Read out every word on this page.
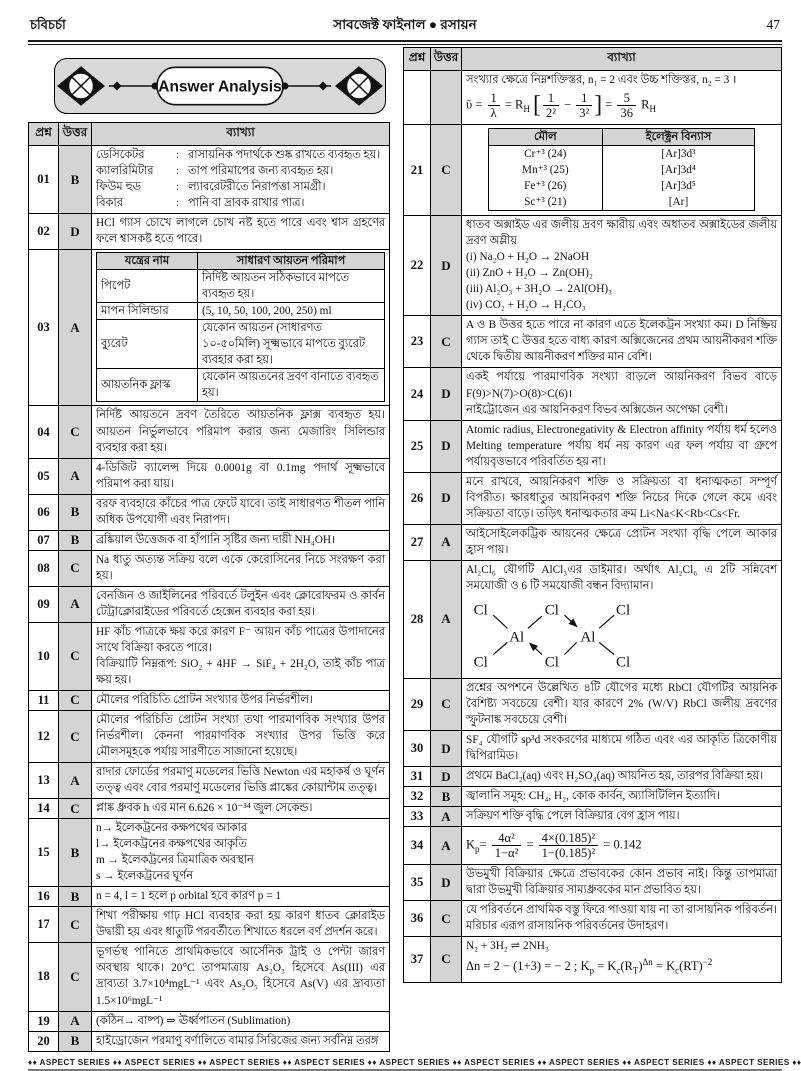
চবিচর্চা	সাবজেক্ট ফাইনাল ● রসায়ন	47
Answer Analysis
প্রশ্ন	উত্তর	ব্যাখ্যা
01	B	
ডেসিকেটর	: রাসায়নিক পদার্থকে শুষ্ক রাখতে ব্যবহৃত হয়।
ক্যালরিমিটার	: তাপ পরিমাপের জন্য ব্যবহৃত হয়।
ফিউম হুড	: ল্যাবরেটরীতে নিরাপত্তা সামগ্রী।
বিকার	: পানি বা দ্রাবক রাখার পাত্র।

02	D	
HCl গ্যাস চোখে লাগলে চোখ নষ্ট হতে পারে এবং শ্বাস গ্রহণের ফলে শ্বাসকষ্ট হতে পারে।

03	A	
যন্ত্রের নাম	সাধারণ আয়তন পরিমাপ
পিপেট	নির্দিষ্ট আয়তন সঠিকভাবে মাপতে ব্যবহৃত হয়।
মাপন সিলিন্ডার	(5, 10, 50, 100, 200, 250) ml
ব্যুরেট	যেকোন আয়তন (সাধারণত ১০-৫০মিলি) সূক্ষ্মভাবে মাপতে ব্যুরেট ব্যবহার করা হয়।
আয়তনিক ফ্লাস্ক	যেকোন আয়তনের দ্রবণ বানাতে ব্যবহৃত হয়।

04	C	
নির্দিষ্ট আয়তনে দ্রবণ তৈরিতে আয়তনিক ফ্লাক্স ব্যবহৃত হয়। আয়তন নির্ভুলভাবে পরিমাপ করার জন্য মেজারিং সিলিন্ডার ব্যবহার করা হয়।

05	A	
4-ডিজিট ব্যালেন্স দিয়ে 0.0001g বা 0.1mg পদার্থ সূক্ষ্মভাবে পরিমাপ করা যায়।

06	B	
বরফ ব্যবহারে কাঁচের পাত্র ফেটে যাবে। তাই সাধারণত শীতল পানি অধিক উপযোগী এবং নিরাপদ।

07	B	ব্রঙ্কিয়াল উত্তেজক বা হাঁপানি সৃষ্টির জন্য দায়ী NH₄OH।

08	C	
Na ধাতু অত্যন্ত সক্রিয় বলে একে কেরোসিনের নিচে সংরক্ষণ করা হয়।

09	A	
বেনজিন ও জাইলিনের পরিবর্তে টলুইন এবং ক্লোরোফরম ও কার্বন টেট্রাক্লোরাইডের পরিবর্তে হেক্সেন ব্যবহার করা হয়।

10	C	
HF কাঁচ পাত্রকে ক্ষয় করে কারণ F⁻ আয়ন কাঁচ পাত্রের উপাদানের সাথে বিক্রিয়া করতে পারে।
বিক্রিয়াটি নিম্নরূপ: SiO₂ + 4HF → SiF₄ + 2H₂O, তাই কাঁচ পাত্র ক্ষয় হয়।

11	C	মৌলের পরিচিতি প্রোটন সংখ্যার উপর নির্ভরশীল।

12	C	
মৌলের পরিচিতি প্রোটন সংখ্যা তথা পারমাণবিক সংখ্যার উপর নির্ভরশীল। কেননা পারমাণবিক সংখ্যার উপর ভিত্তি করে মৌলসমূহকে পর্যায় সারণীতে সাজানো হয়েছে।

13	A	
রাদার ফোর্ডের পরমাণু মডেলের ভিত্তি Newton এর মহাকর্ষ ও ঘূর্ণন তত্ত্ব এবং বোর পরমাণু মডেলের ভিত্তি প্লাঙ্কের কোয়ান্টাম তত্ত্ব।

14	C	প্লাঙ্ক ধ্রুবক h এর মান 6.626 × 10⁻³⁴ জুল সেকেন্ড।

15	B	
n→ ইলেকট্রনের কক্ষপথের আকার
l→ ইলেকট্রনের কক্ষপথের আকৃতি
m → ইলেকট্রনের ত্রিমাত্রিক অবস্থান
s → ইলেকট্রনের ঘূর্ণন

16	B	n = 4, l = 1 হলে p orbital হবে কারণ p = 1

17	C	
শিখা পরীক্ষায় গাঢ় HCl ব্যবহার করা হয় কারণ ধাতব ক্লোরাইড উদ্বায়ী হয় এবং ধাতুটি পরবর্তীতে শিখাতে ধরলে বর্ণ প্রদর্শন করে।

18	C	
ভূগর্ভস্থ পানিতে প্রাথমিকভাবে আর্সেনিক ট্রাই ও পেন্টা জারণ অবস্থায় থাকে। 20°C তাপমাত্রায় As₂O₃ হিসেবে As(III) এর দ্রাব্যতা 3.7×10⁴mgL⁻¹ এবং As₂O₅ হিসেবে As(V) এর দ্রাব্যতা 1.5×10⁶mgL⁻¹

19	A	(কঠিন→ বাষ্প) ⇒ ঊর্ধ্বপাতন (Sublimation)

20	B	হাইড্রোজেন পরমাণু বর্ণালিতে বামার সিরিজের জন্য সর্বনিম্ন তরঙ্গ
প্রশ্ন	উত্তর	ব্যাখ্যা

সংখ্যার ক্ষেত্রে নিম্নশক্তিস্তর, n₁ = 2 এবং উচ্চ শক্তিস্তর, n₂ = 3 ।
ῡ = $\frac{1}{\lambda} = R_H$ [ $\frac{1}{\text{2²}} - \frac{1}{\text{3²}}$ ] = $\frac{5}{36} R_H$

21	C	
মৌল	ইলেক্ট্রন বিন্যাস
Cr⁺³ (24)	[Ar]3d³
Mn⁺³ (25)	[Ar]3d⁴
Fe⁺³ (26)	[Ar]3d⁵
Sc⁺³ (21)	[Ar]

22	D	
ধাতব অক্সাইড এর জলীয় দ্রবণ ক্ষারীয় এবং অধাতব অক্সাইডের জলীয় দ্রবণ অম্লীয়
(i) Na₂O + H₂O → 2NaOH
(ii) ZnO + H₂O → Zn(OH)₂
(iii) Al₂O₃ + 3H₂O → 2Al(OH)₃
(iv) CO₂ + H₂O → H₂CO₃

23	C	
A ও B উত্তর হতে পারে না কারণ এতে ইলেকট্রন সংখ্যা কম। D নিষ্ক্রিয় গ্যাস তাই C উত্তর হতে বাধ্য কারণ অক্সিজেনের প্রথম আয়নীকরণ শক্তি থেকে দ্বিতীয় আয়নীকরণ শক্তির মান বেশি।

24	D	
একই পর্যায়ে পারমাণবিক সংখ্যা বাড়লে আয়নিকরণ বিভব বাড়ে F(9)>N(7)>O(8)>C(6)।
নাইট্রোজেন এর আয়নিকরণ বিভব অক্সিজেন অপেক্ষা বেশী।

25	D	
Atomic radius, Electronegativity & Electron affinity পর্যায় ধর্ম হলেও Melting temperature পর্যায় ধর্ম নয় কারণ এর ফল পর্যায় বা গ্রুপে পর্যায়বৃত্তভাবে পরিবর্তিত হয় না।

26	D	
মনে রাখবে, আয়নিকরণ শক্তি ও সক্রিয়তা বা ধনাত্মকতা সম্পূর্ণ বিপরীত। ক্ষারধাতুর আয়নিকরণ শক্তি নিচের দিকে গেলে কমে এবং সক্রিয়তা বাড়ে। তড়িৎ ধনাত্মকতার ক্রম Li<Na<K<Rb<Cs<Fr.

27	A	
আইসোইলেকট্রিক আয়নের ক্ষেত্রে প্রোটন সংখ্যা বৃদ্ধি পেলে আকার হ্রাস পায়।

28	A	
Al₂Cl₆ যৌগটি AlCl₃এর ডাইমার। অর্থাৎ Al₂Cl₆ এ 2টি সন্নিবেশ সমযোজী ও 6 টি সমযোজী বন্ধন বিদ্যামান।
Cl	Cl	Cl
Al	Al
Cl	Cl	Cl

29	C	
প্রশ্নের অপশনে উল্লেখিত ৪টি যৌগের মধ্যে RbCl যৌগটির আয়নিক বৈশিষ্ট্য সবচেয়ে বেশী। যার কারণে 2% (W/V) RbCl জলীয় দ্রবণের স্ফুটনাঙ্ক সবচেয়ে বেশী।

30	D	
SF₄ যৌগটি sp³d সংকরণের মাধ্যমে গঠিত এবং এর আকৃতি ত্রিকোণীয় দ্বিপিরামিড।

31	D	প্রথমে BaCl₂(aq) এবং H₂SO₄(aq) আয়নিত হয়, তারপর বিক্রিয়া হয়।

32	B	জ্বালানি সমূহ: CH₄, H₂, কোক কার্বন, অ্যাসিটিলিন ইত্যাদি।

33	A	সক্রিয়ণ শক্তি বৃদ্ধি পেলে বিক্রিয়ার বেগ হ্রাস পায়।

34	A	$K_p= \frac{\text{4α²}}{\text{1−α²}} = \frac{\text{4×(0.185)²}}{\text{1−(0.185)²}} = 0.142$

35	D	
উভমুখী বিক্রিয়ার ক্ষেত্রে প্রভাবকের কোন প্রভাব নাই। কিন্তু তাপমাত্রা দ্বারা উভমুখী বিক্রিয়ার সাম্যধ্রুবকের মান প্রভাবিত হয়।

36	C	
যে পরিবর্তনে প্রাথমিক বস্তু ফিরে পাওয়া যায় না তা রাসায়নিক পরিবর্তন। মরিচার এরূপ রাসায়নিক পরিবর্তনের উদাহরণ।

37	C	
N₂ + 3H₂ ⇌ 2NH₃
Δn = 2 − (1+3) = − 2 ; $K_p = K_c(R_T)^{\Delta n} = K_c(RT)^{-2}$
♦♦ ASPECT SERIES ♦♦ ASPECT SERIES ♦♦ ASPECT SERIES ♦♦ ASPECT SERIES ♦♦ ASPECT SERIES ♦♦ ASPECT SERIES ♦♦ ASPECT SERIES ♦♦ ASPECT SERIES ♦♦ ASPECT SERIES ♦♦
